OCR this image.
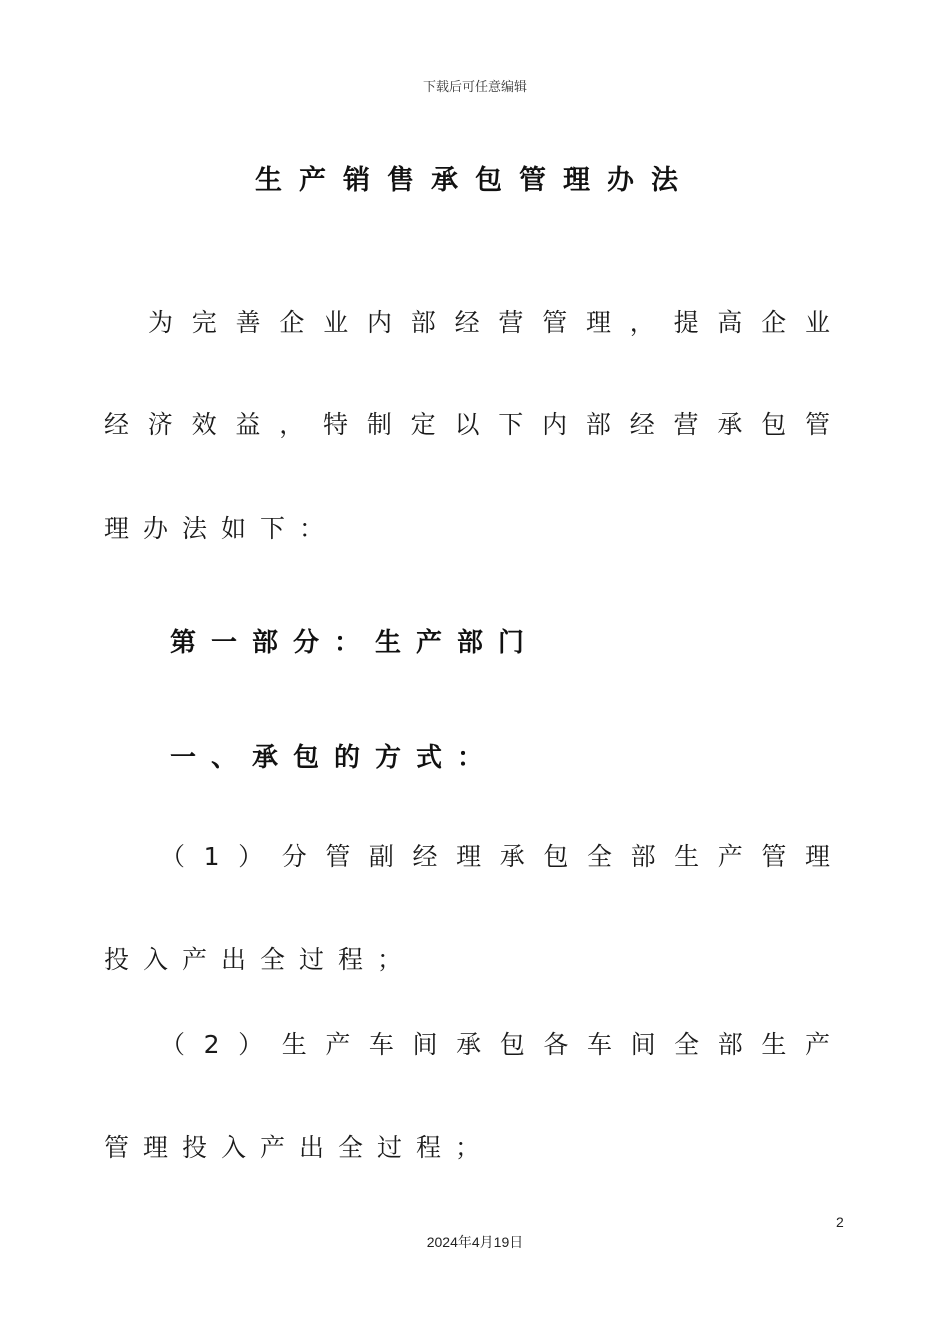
下载后可任意编辑
生产销售承包管理办法
为完善企业内部经营管理，提高企业
经济效益，特制定以下内部经营承包管
理办法如下：
第一部分：生产部门
一、承包的方式：
（1）分管副经理承包全部生产管理
投入产出全过程；
（2）生产车间承包各车间全部生产
管理投入产出全过程；
2
2024年4月19日
